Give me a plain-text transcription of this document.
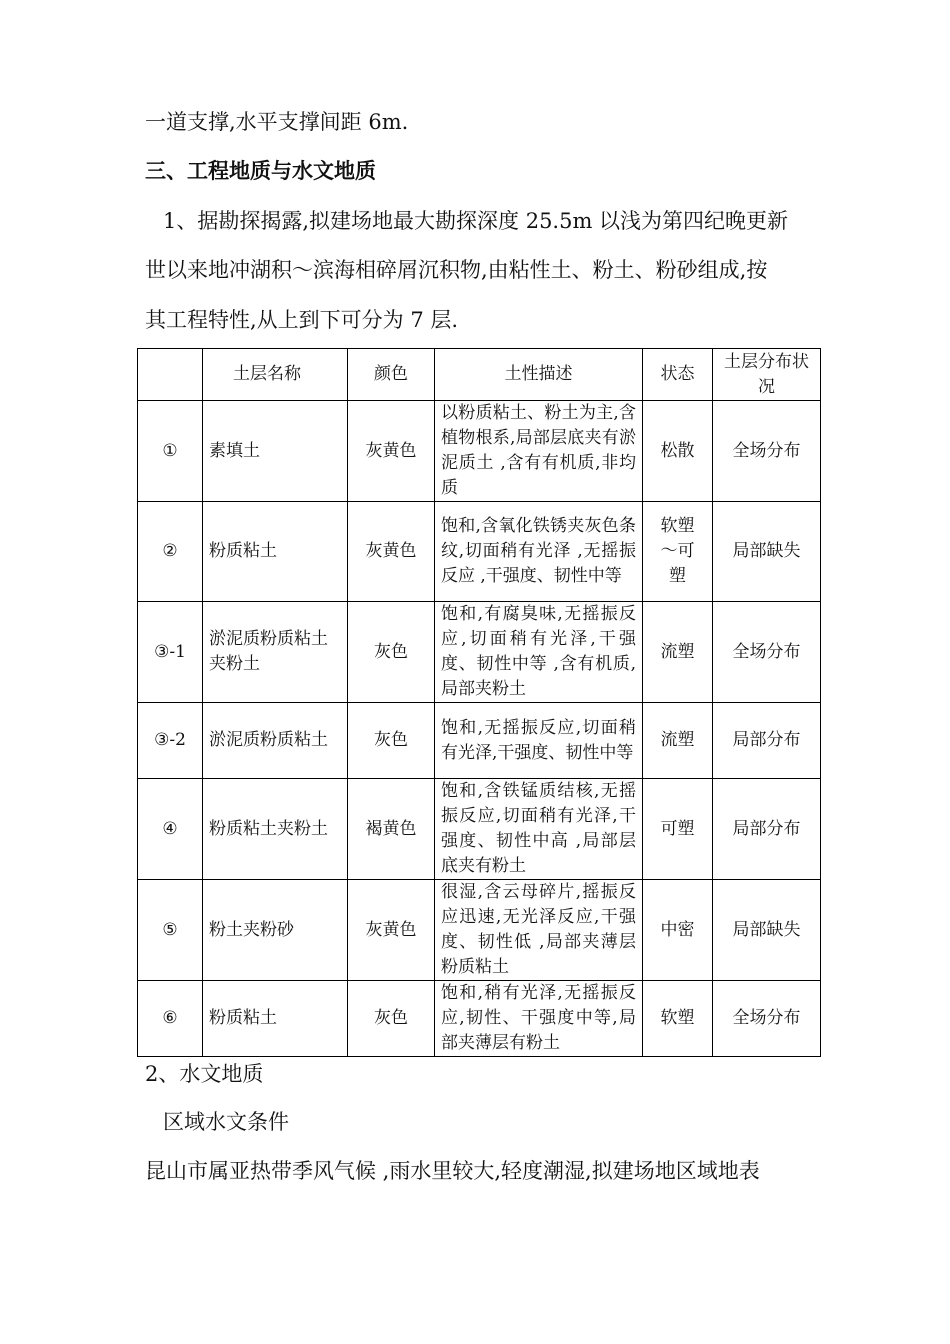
一道支撑,水平支撑间距 6m.

三、工程地质与水文地质

1、据勘探揭露,拟建场地最大勘探深度 25.5m 以浅为第四纪晚更新

世以来地冲湖积～滨海相碎屑沉积物,由粘性土、粉土、粉砂组成,按

其工程特性,从上到下可分为 7 层.

	土层名称	颜色	土性描述	状态	土层分布状况
①	素填土	灰黄色	以粉质粘土、粉土为主,含植物根系,局部层底夹有淤泥质土 ,含有有机质,非均质	松散	全场分布
②	粉质粘土	灰黄色	饱和,含氧化铁锈夹灰色条纹,切面稍有光泽 ,无摇振反应 ,干强度、韧性中等	软塑～可塑	局部缺失
③-1	淤泥质粉质粘土夹粉土	灰色	饱和,有腐臭味,无摇振反应,切面稍有光泽,干强度、韧性中等 ,含有机质,局部夹粉土	流塑	全场分布
③-2	淤泥质粉质粘土	灰色	饱和,无摇振反应,切面稍有光泽,干强度、韧性中等	流塑	局部分布
④	粉质粘土夹粉土	褐黄色	饱和,含铁锰质结核,无摇振反应,切面稍有光泽,干强度、韧性中高 ,局部层底夹有粉土	可塑	局部分布
⑤	粉土夹粉砂	灰黄色	很湿,含云母碎片,摇振反应迅速,无光泽反应,干强度、韧性低 ,局部夹薄层粉质粘土	中密	局部缺失
⑥	粉质粘土	灰色	饱和,稍有光泽,无摇振反应,韧性、干强度中等,局部夹薄层有粉土	软塑	全场分布

2、水文地质

区域水文条件

昆山市属亚热带季风气候 ,雨水里较大,轻度潮湿,拟建场地区域地表
